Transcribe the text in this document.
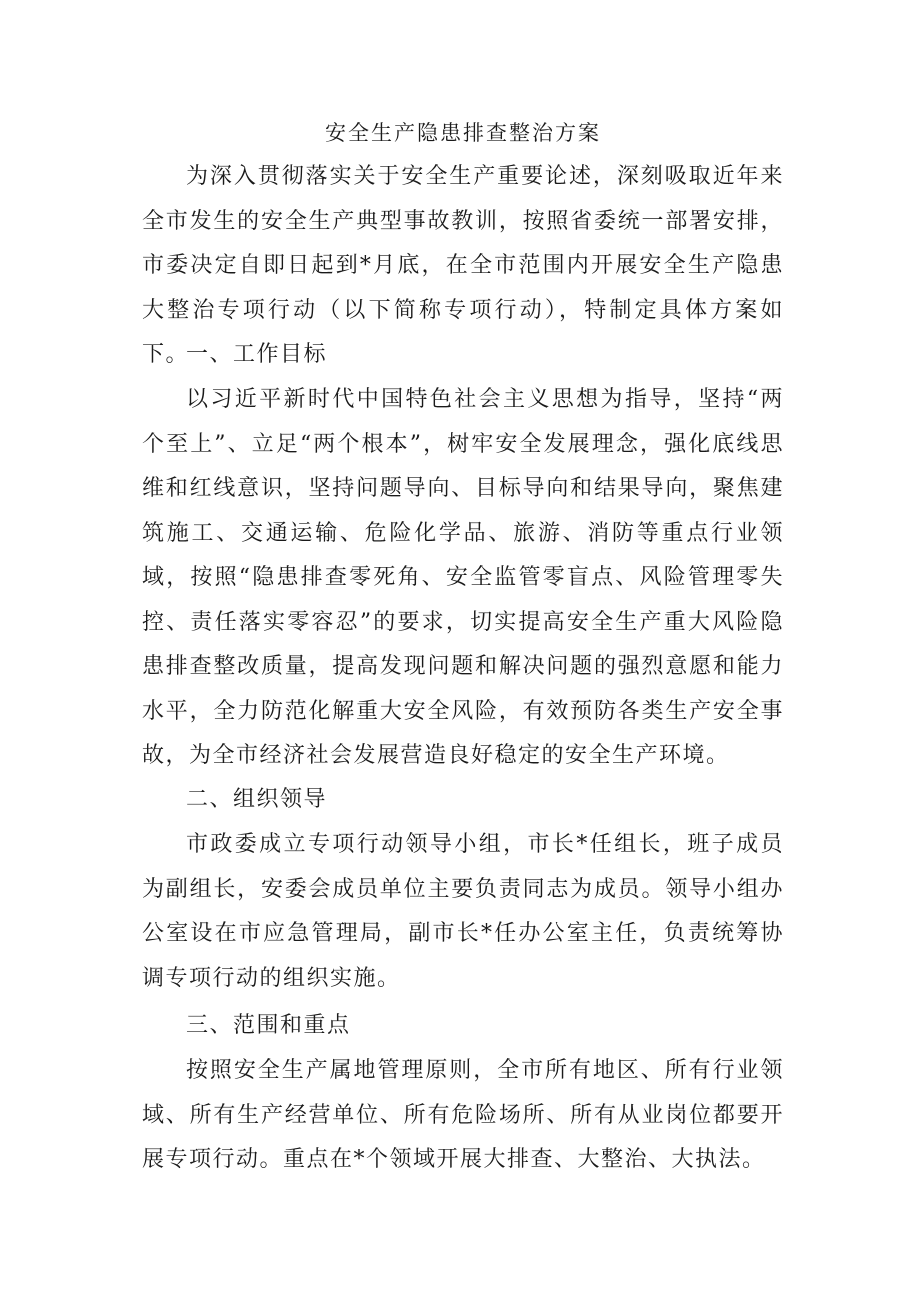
安全生产隐患排查整治方案

为深入贯彻落实关于安全生产重要论述，深刻吸取近年来全市发生的安全生产典型事故教训，按照省委统一部署安排，市委决定自即日起到*月底，在全市范围内开展安全生产隐患大整治专项行动（以下简称专项行动），特制定具体方案如下。

一、工作目标

以习近平新时代中国特色社会主义思想为指导，坚持“两个至上”、立足“两个根本”，树牢安全发展理念，强化底线思维和红线意识，坚持问题导向、目标导向和结果导向，聚焦建筑施工、交通运输、危险化学品、旅游、消防等重点行业领域，按照“隐患排查零死角、安全监管零盲点、风险管理零失控、责任落实零容忍”的要求，切实提高安全生产重大风险隐患排查整改质量，提高发现问题和解决问题的强烈意愿和能力水平，全力防范化解重大安全风险，有效预防各类生产安全事故，为全市经济社会发展营造良好稳定的安全生产环境。

二、组织领导

市政委成立专项行动领导小组，市长*任组长，班子成员为副组长，安委会成员单位主要负责同志为成员。领导小组办公室设在市应急管理局，副市长*任办公室主任，负责统筹协调专项行动的组织实施。

三、范围和重点

按照安全生产属地管理原则，全市所有地区、所有行业领域、所有生产经营单位、所有危险场所、所有从业岗位都要开展专项行动。重点在*个领域开展大排查、大整治、大执法。
